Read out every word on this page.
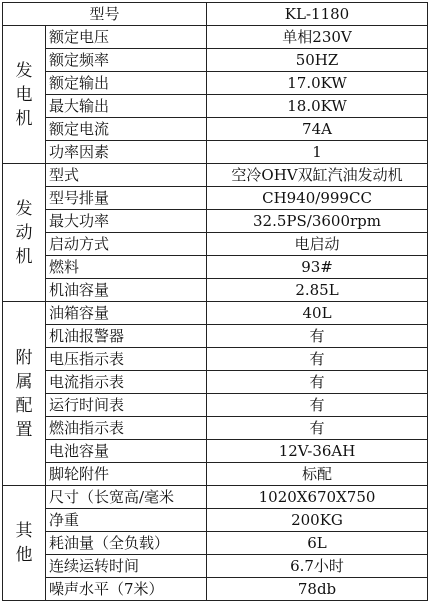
型号		KL-1180

发
电
机	额定电压	单相230V
	额定频率	50HZ
	额定输出	17.0KW
	最大输出	18.0KW
	额定电流	74A
	功率因素	1

发
动
机	型式	空冷OHV双缸汽油发动机
	型号排量	CH940/999CC
	最大功率	32.5PS/3600rpm
	启动方式	电启动
	燃料	93#
	机油容量	2.85L

附
属
配
置	油箱容量	40L
	机油报警器	有
	电压指示表	有
	电流指示表	有
	运行时间表	有
	燃油指示表	有
	电池容量	12V-36AH
	脚轮附件	标配

其
他	尺寸（长宽高/毫米	1020X670X750
	净重	200KG
	耗油量（全负载）	6L
	连续运转时间	6.7小时
	噪声水平（7米）	78db
